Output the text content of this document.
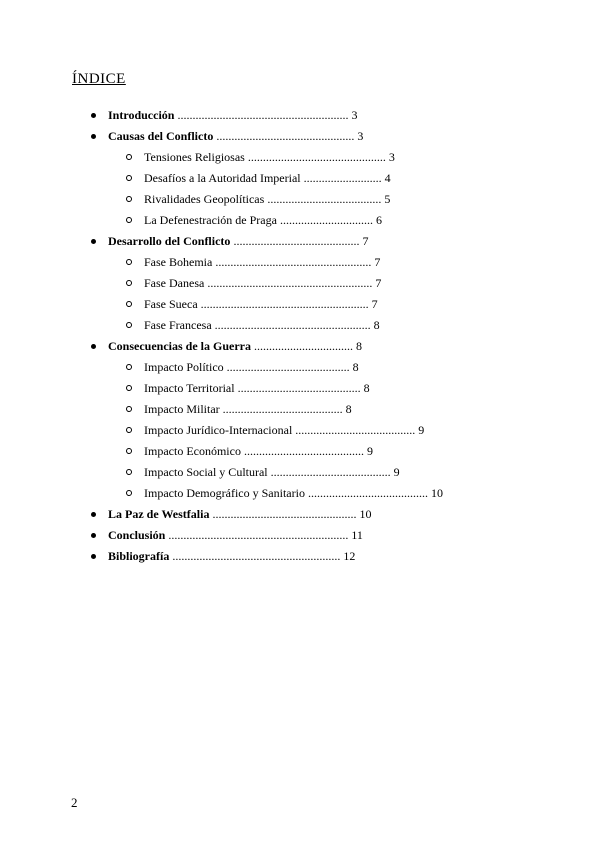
ÍNDICE
Introducción ......................................................... 3
Causas del Conflicto .............................................. 3
Tensiones Religiosas .............................................. 3
Desafíos a la Autoridad Imperial .......................... 4
Rivalidades Geopolíticas ...................................... 5
La Defenestración de Praga ............................... 6
Desarrollo del Conflicto .......................................... 7
Fase Bohemia .................................................... 7
Fase Danesa ....................................................... 7
Fase Sueca ........................................................ 7
Fase Francesa .................................................... 8
Consecuencias de la Guerra ................................. 8
Impacto Político ......................................... 8
Impacto Territorial ......................................... 8
Impacto Militar ........................................ 8
Impacto Jurídico-Internacional ........................................ 9
Impacto Económico ........................................ 9
Impacto Social y Cultural ........................................ 9
Impacto Demográfico y Sanitario ........................................ 10
La Paz de Westfalia ................................................ 10
Conclusión ............................................................ 11
Bibliografía ........................................................ 12
2
